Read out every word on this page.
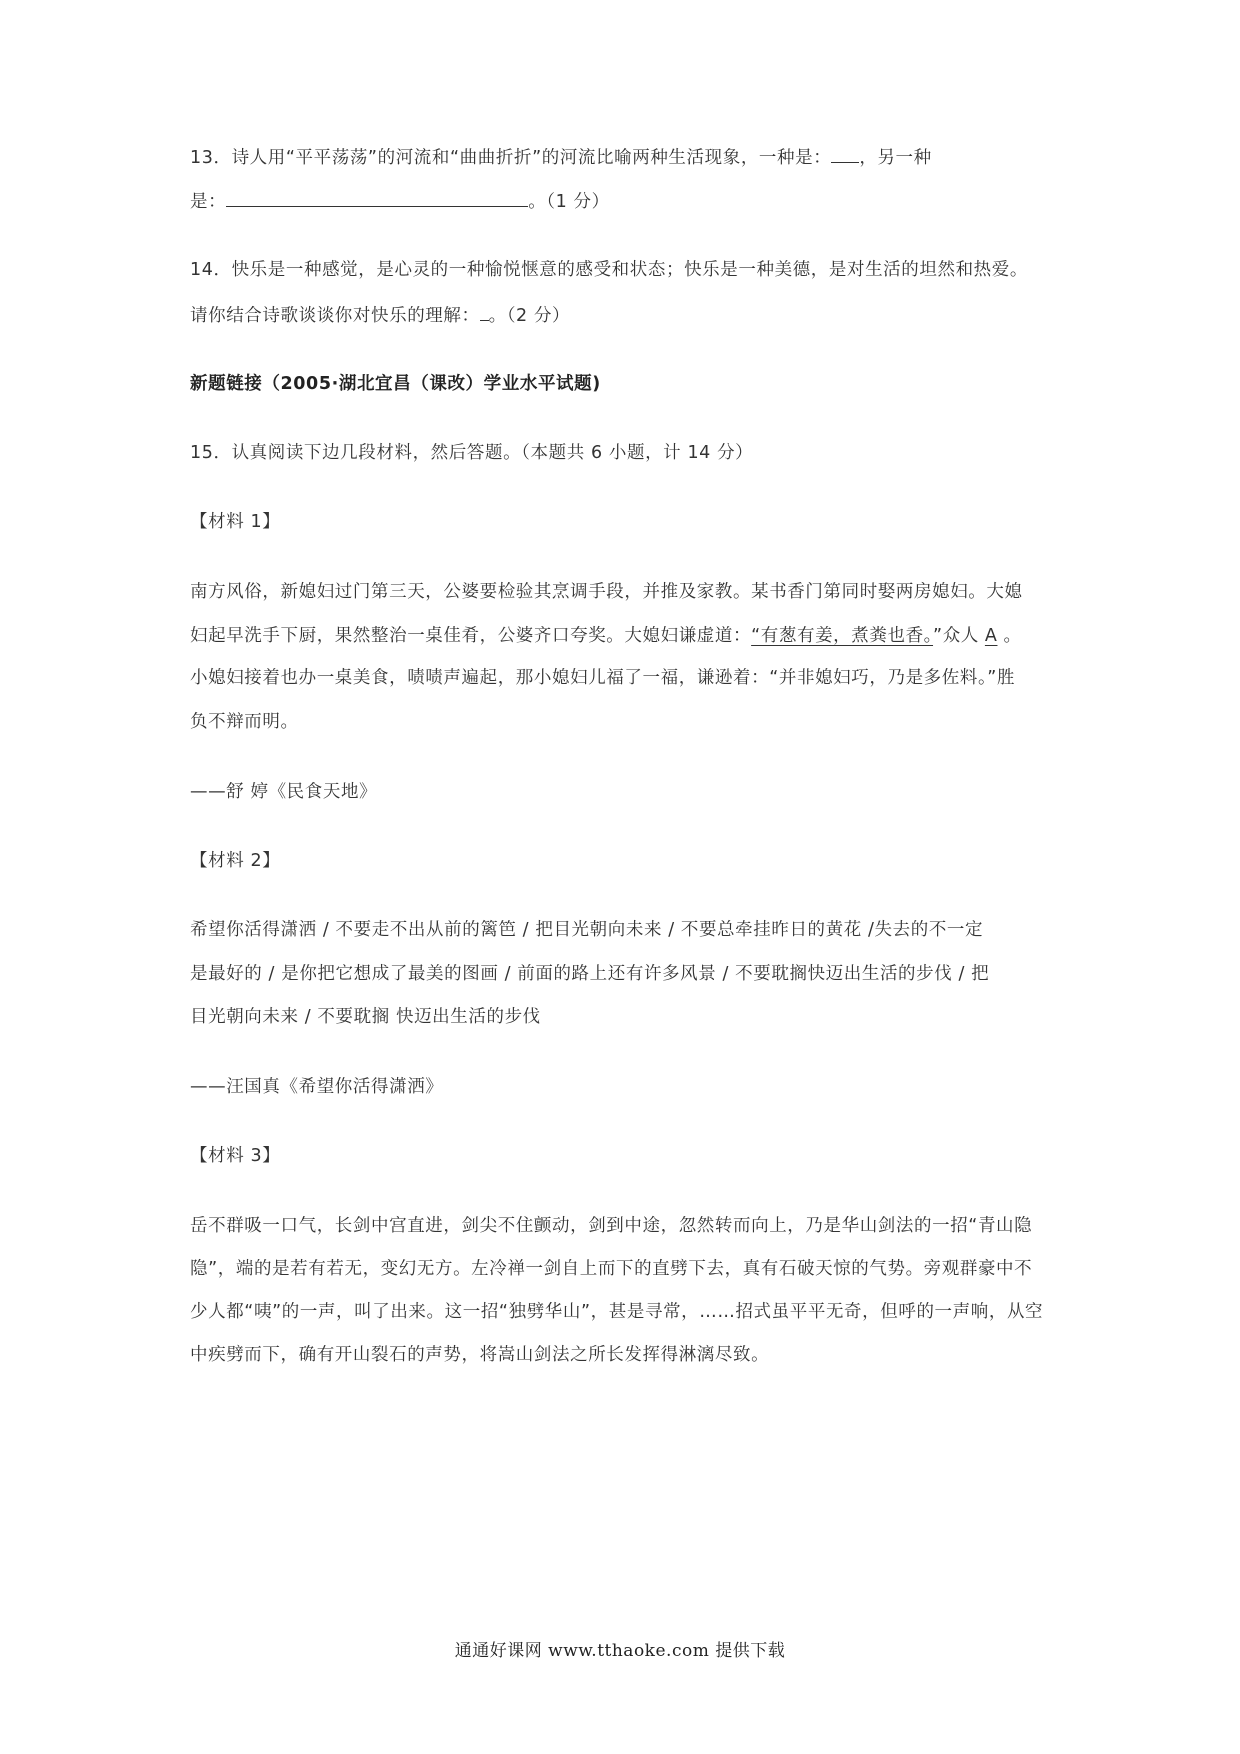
13．诗人用“平平荡荡”的河流和“曲曲折折”的河流比喻两种生活现象，一种是： ，另一种
是：	。（1 分）
14．快乐是一种感觉，是心灵的一种愉悦惬意的感受和状态；快乐是一种美德，是对生活的坦然和热爱。
请你结合诗歌谈谈你对快乐的理解： 。（2 分）
新题链接（2005·湖北宜昌（课改）学业水平试题)
15．认真阅读下边几段材料，然后答题。（本题共 6 小题，计 14 分）
【材料 1】
南方风俗，新媳妇过门第三天，公婆要检验其烹调手段，并推及家教。某书香门第同时娶两房媳妇。大媳
妇起早洗手下厨，果然整治一桌佳肴，公婆齐口夸奖。大媳妇谦虚道：“有葱有姜，煮粪也香。”众人 A 。
小媳妇接着也办一桌美食，啧啧声遍起，那小媳妇儿福了一福，谦逊着：“并非媳妇巧，乃是多佐料。”胜
负不辩而明。
——舒 婷《民食天地》
【材料 2】
希望你活得潇洒 / 不要走不出从前的篱笆 / 把目光朝向未来 / 不要总牵挂昨日的黄花 /失去的不一定
是最好的 / 是你把它想成了最美的图画 / 前面的路上还有许多风景 / 不要耽搁快迈出生活的步伐 / 把
目光朝向未来 / 不要耽搁 快迈出生活的步伐
——汪国真《希望你活得潇洒》
【材料 3】
岳不群吸一口气，长剑中宫直进，剑尖不住颤动，剑到中途，忽然转而向上，乃是华山剑法的一招“青山隐
隐”，端的是若有若无，变幻无方。左冷禅一剑自上而下的直劈下去，真有石破天惊的气势。旁观群豪中不
少人都“咦”的一声，叫了出来。这一招“独劈华山”，甚是寻常，……招式虽平平无奇，但呼的一声响，从空
中疾劈而下，确有开山裂石的声势，将嵩山剑法之所长发挥得淋漓尽致。
通通好课网 www.tthaoke.com 提供下载
